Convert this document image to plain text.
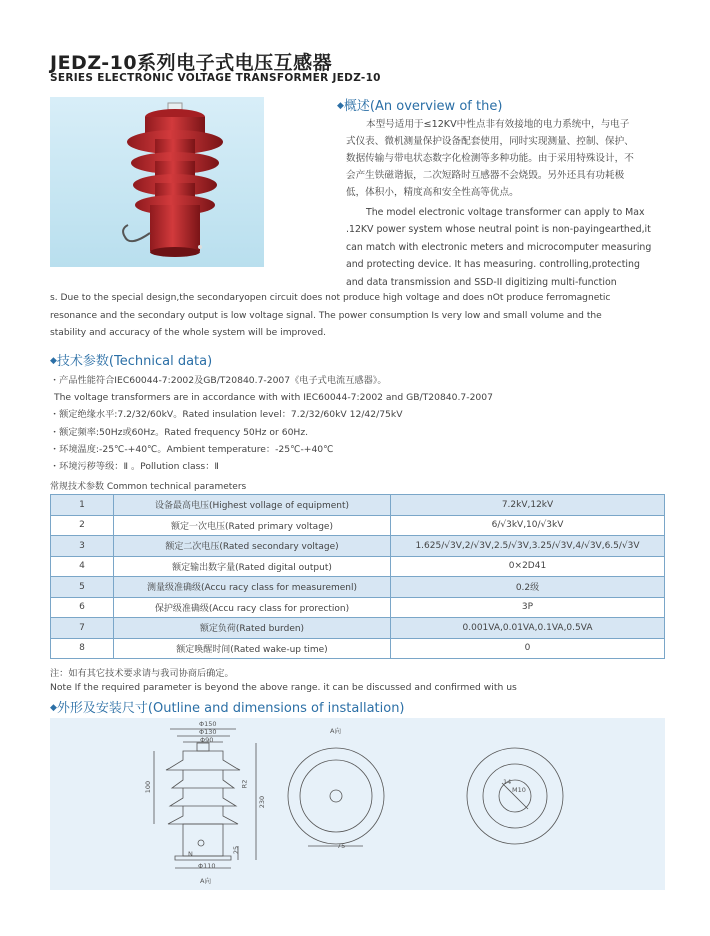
JEDZ-10系列电子式电压互感器
SERIES ELECTRONIC VOLTAGE TRANSFORMER JEDZ-10
◆概述(An overview of the)
本型号适用于≤12KV中性点非有效接地的电力系统中，与电子
式仪表、微机测量保护设备配套使用，同时实现测量、控制、保护、
数据传输与带电状态数字化检测等多种功能。由于采用特殊设计，不
会产生铁磁谐振，二次短路时互感器不会烧毁。另外还具有功耗极
低，体积小，精度高和安全性高等优点。
The model electronic voltage transformer can apply to Max
.12KV power system whose neutral point is non-payingearthed,it
can match with electronic meters and microcomputer measuring
and protecting device. It has measuring. controlling,protecting
and data transmission and SSD-II digitizing multi-function
s. Due to the special design,the secondaryopen circuit does not produce high voltage and does nOt produce ferromagnetic
resonance and the secondary output is low voltage signal. The power consumption Is very low and small volume and the
stability and accuracy of the whole system will be improved.
◆技术参数(Technical data)
・产品性能符合IEC60044-7:2002及GB/T20840.7-2007《电子式电流互感器》。
The voltage transformers are in accordance with with IEC60044-7:2002 and GB/T20840.7-2007
・额定绝缘水平:7.2/32/60kV。Rated insulation level：7.2/32/60kV 12/42/75kV
・额定频率:50Hz或60Hz。Rated frequency 50Hz or 60Hz.
・环境温度:-25℃-+40℃。Ambient temperature：-25℃-+40℃
・环境污秽等级：Ⅱ 。Pollution class：Ⅱ
常规技术参数 Common technical parameters
1	设备最高电压(Highest vollage of equipment)	7.2kV,12kV
2	额定一次电压(Rated primary voltage)	6/√3kV,10/√3kV
3	额定二次电压(Rated secondary voltage)	1.625/√3V,2/√3V,2.5/√3V,3.25/√3V,4/√3V,6.5/√3V
4	额定输出数字量(Rated digital output)	0×2D41
5	测量级准确级(Accu racy class for measuremenl)	0.2级
6	保护级准确级(Accu racy class for prorection)	3P
7	额定负荷(Rated burden)	0.001VA,0.01VA,0.1VA,0.5VA
8	额定唤醒时间(Rated wake-up time)	0
注：如有其它技术要求请与我司协商后确定。
Note If the required parameter is beyond the above range. it can be discussed and confirmed with us
◆外形及安装尺寸(Outline and dimensions of installation)
Φ150
Φ130
Φ90
100	R2
230
25
N
Φ110
A向
A向
75
14
M10
